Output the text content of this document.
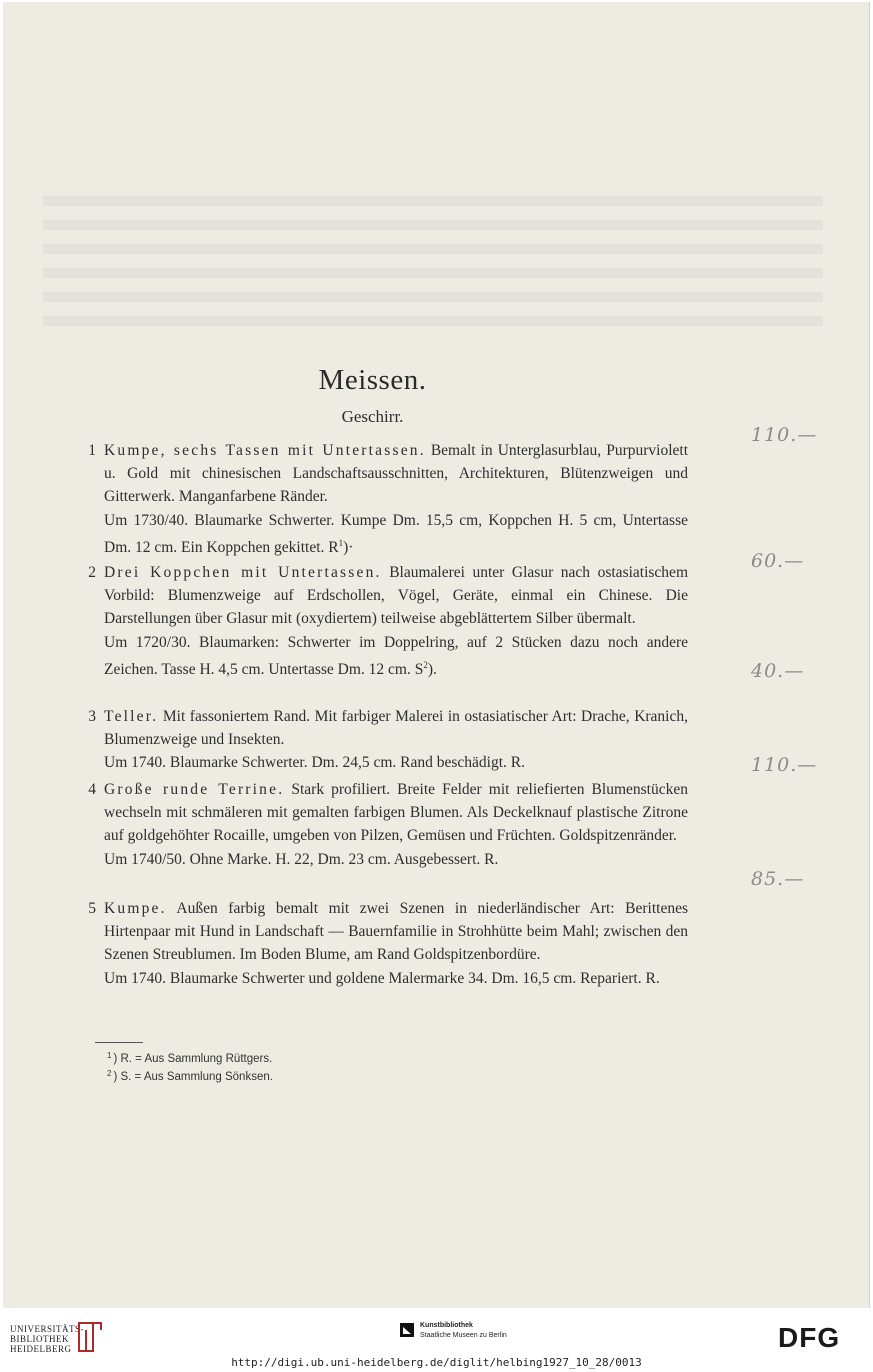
Meissen.
Geschirr.
1 Kumpe, sechs Tassen mit Untertassen. Bemalt in Unterglasurblau, Purpurviolett u. Gold mit chinesischen Landschaftsausschnitten, Architekturen, Blütenzweigen und Gitterwerk. Manganfarbene Ränder.
Um 1730/40. Blaumarke Schwerter. Kumpe Dm. 15,5 cm, Koppchen H. 5 cm, Untertasse Dm. 12 cm. Ein Koppchen gekittet. $R^1)\cdot$
2 Drei Koppchen mit Untertassen. Blaumalerei unter Glasur nach ostasiatischem Vorbild: Blumenzweige auf Erdschollen, Vögel, Geräte, einmal ein Chinese. Die Darstellungen über Glasur mit (oxydiertem) teilweise abgeblättertem Silber übermalt.
Um 1720/30. Blaumarken: Schwerter im Doppelring, auf 2 Stücken dazu noch andere Zeichen. Tasse H. 4,5 cm. Untertasse Dm. 12 cm. $S^2$).
3 Teller. Mit fassoniertem Rand. Mit farbiger Malerei in ostasiatischer Art: Drache, Kranich, Blumenzweige und Insekten.
Um 1740. Blaumarke Schwerter. Dm. 24,5 cm. Rand beschädigt. R.
4 Große runde Terrine. Stark profiliert. Breite Felder mit reliefierten Blumenstücken wechseln mit schmäleren mit gemalten farbigen Blumen. Als Deckelknauf plastische Zitrone auf goldgehöhter Rocaille, umgeben von Pilzen, Gemüsen und Früchten. Goldspitzenränder.
Um 1740/50. Ohne Marke. H. 22, Dm. 23 cm. Ausgebessert. R.
5 Kumpe. Außen farbig bemalt mit zwei Szenen in niederländischer Art: Berittenes Hirtenpaar mit Hund in Landschaft — Bauernfamilie in Strohhütte beim Mahl; zwischen den Szenen Streublumen. Im Boden Blume, am Rand Goldspitzenbordüre.
Um 1740. Blaumarke Schwerter und goldene Malermarke 34. Dm. 16,5 cm. Repariert. R.
$^1$ ) R. = Aus Sammlung Rüttgers.
$^2$ ) S. = Aus Sammlung Sönksen.
110.—
60.—
40.—
110.—
85.—
UNIVERSITÄTS-
BIBLIOTHEK
HEIDELBERG
Kunstbibliothek
Staatliche Museen zu Berlin	DFG
http://digi.ub.uni-heidelberg.de/diglit/helbing1927_10_28/0013
